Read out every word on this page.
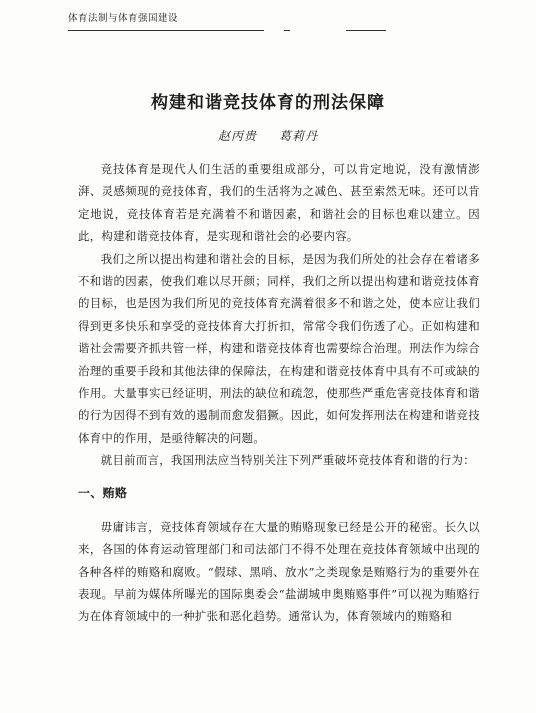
体育法制与体育强国建设
构建和谐竞技体育的刑法保障
赵丙贵 葛莉丹

竞技体育是现代人们生活的重要组成部分，可以肯定地说，没有激情澎湃、灵感频现的竞技体育，我们的生活将为之减色、甚至索然无味。还可以肯定地说，竞技体育若是充满着不和谐因素，和谐社会的目标也难以建立。因此，构建和谐竞技体育，是实现和谐社会的必要内容。

我们之所以提出构建和谐社会的目标，是因为我们所处的社会存在着诸多不和谐的因素，使我们难以尽开颜；同样，我们之所以提出构建和谐竞技体育的目标，也是因为我们所见的竞技体育充满着很多不和谐之处，使本应让我们得到更多快乐和享受的竞技体育大打折扣，常常令我们伤透了心。正如构建和谐社会需要齐抓共管一样，构建和谐竞技体育也需要综合治理。刑法作为综合治理的重要手段和其他法律的保障法，在构建和谐竞技体育中具有不可或缺的作用。大量事实已经证明，刑法的缺位和疏忽，使那些严重危害竞技体育和谐的行为因得不到有效的遏制而愈发猖獗。因此，如何发挥刑法在构建和谐竞技体育中的作用，是亟待解决的问题。

就目前而言，我国刑法应当特别关注下列严重破坏竞技体育和谐的行为：

一、贿赂

毋庸讳言，竞技体育领域存在大量的贿赂现象已经是公开的秘密。长久以来，各国的体育运动管理部门和司法部门不得不处理在竞技体育领域中出现的各种各样的贿赂和腐败。“假球、黑哨、放水”之类现象是贿赂行为的重要外在表现。早前为媒体所曝光的国际奥委会“盐湖城申奥贿赂事件”可以视为贿赂行为在体育领域中的一种扩张和恶化趋势。通常认为，体育领域内的贿赂和
